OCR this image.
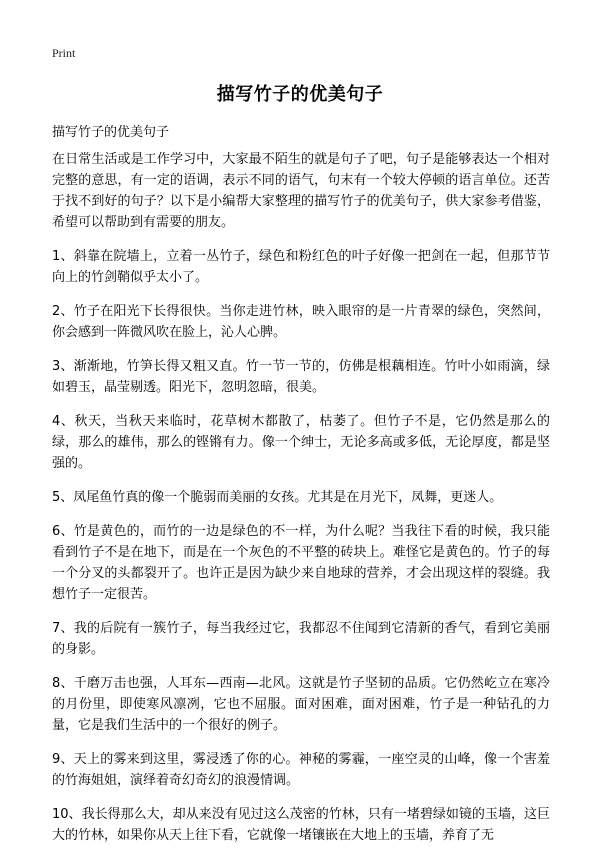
Print
描写竹子的优美句子
描写竹子的优美句子

在日常生活或是工作学习中，大家最不陌生的就是句子了吧，句子是能够表达一个相对完整的意思，有一定的语调，表示不同的语气，句末有一个较大停顿的语言单位。还苦于找不到好的句子？以下是小编帮大家整理的描写竹子的优美句子，供大家参考借鉴，希望可以帮助到有需要的朋友。

1、斜靠在院墙上，立着一丛竹子，绿色和粉红色的叶子好像一把剑在一起，但那节节向上的竹剑鞘似乎太小了。

2、竹子在阳光下长得很快。当你走进竹林，映入眼帘的是一片青翠的绿色，突然间，你会感到一阵微风吹在脸上，沁人心脾。

3、渐渐地，竹笋长得又粗又直。竹一节一节的，仿佛是根藕相连。竹叶小如雨滴，绿如碧玉，晶莹剔透。阳光下，忽明忽暗，很美。

4、秋天，当秋天来临时，花草树木都散了，枯萎了。但竹子不是，它仍然是那么的绿，那么的雄伟，那么的铿锵有力。像一个绅士，无论多高或多低，无论厚度，都是坚强的。

5、凤尾鱼竹真的像一个脆弱而美丽的女孩。尤其是在月光下，凤舞，更迷人。

6、竹是黄色的，而竹的一边是绿色的不一样，为什么呢？当我往下看的时候，我只能看到竹子不是在地下，而是在一个灰色的不平整的砖块上。难怪它是黄色的。竹子的每一个分叉的头都裂开了。也许正是因为缺少来自地球的营养，才会出现这样的裂缝。我想竹子一定很苦。

7、我的后院有一簇竹子，每当我经过它，我都忍不住闻到它清新的香气，看到它美丽的身影。

8、千磨万击也强，人耳东—西南—北风。这就是竹子坚韧的品质。它仍然屹立在寒冷的月份里，即使寒风凛冽，它也不屈服。面对困难，面对困难，竹子是一种钻孔的力量，它是我们生活中的一个很好的例子。

9、天上的雾来到这里，雾浸透了你的心。神秘的雾霾，一座空灵的山峰，像一个害羞的竹海姐姐，演绎着奇幻奇幻的浪漫情调。

10、我长得那么大，却从来没有见过这么茂密的竹林，只有一堵碧绿如镜的玉墙，这巨大的竹林，如果你从天上往下看，它就像一堵镶嵌在大地上的玉墙，养育了无
